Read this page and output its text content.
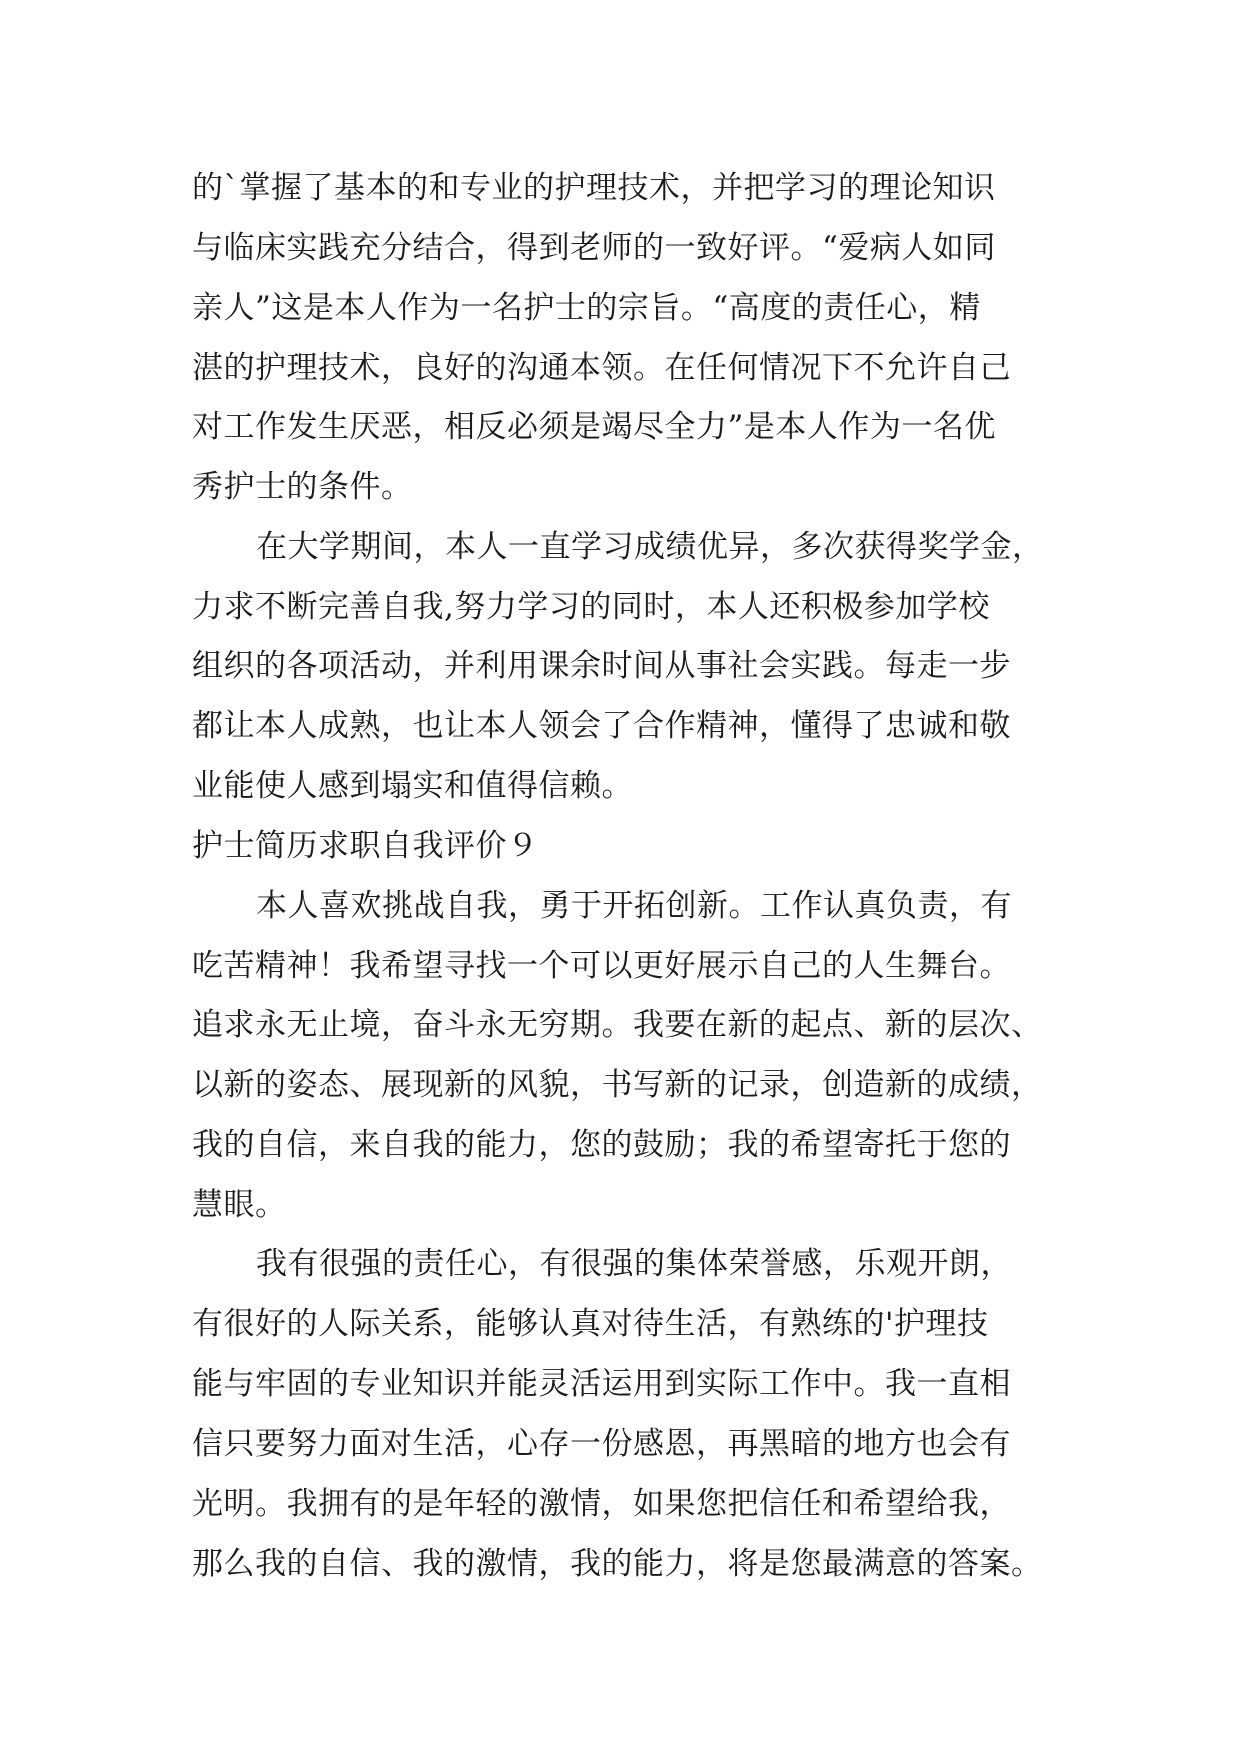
的`掌握了基本的和专业的护理技术，并把学习的理论知识
与临床实践充分结合，得到老师的一致好评。“爱病人如同
亲人”这是本人作为一名护士的宗旨。“高度的责任心，精
湛的护理技术，良好的沟通本领。在任何情况下不允许自己
对工作发生厌恶，相反必须是竭尽全力”是本人作为一名优
秀护士的条件。
在大学期间，本人一直学习成绩优异，多次获得奖学金，
力求不断完善自我,努力学习的同时，本人还积极参加学校
组织的各项活动，并利用课余时间从事社会实践。每走一步
都让本人成熟，也让本人领会了合作精神，懂得了忠诚和敬
业能使人感到塌实和值得信赖。
护士简历求职自我评价９
本人喜欢挑战自我，勇于开拓创新。工作认真负责，有
吃苦精神！我希望寻找一个可以更好展示自己的人生舞台。
追求永无止境，奋斗永无穷期。我要在新的起点、新的层次、
以新的姿态、展现新的风貌，书写新的记录，创造新的成绩，
我的自信，来自我的能力，您的鼓励；我的希望寄托于您的
慧眼。
我有很强的责任心，有很强的集体荣誉感，乐观开朗，
有很好的人际关系，能够认真对待生活，有熟练的'护理技
能与牢固的专业知识并能灵活运用到实际工作中。我一直相
信只要努力面对生活，心存一份感恩，再黑暗的地方也会有
光明。我拥有的是年轻的激情，如果您把信任和希望给我，
那么我的自信、我的激情，我的能力，将是您最满意的答案。
